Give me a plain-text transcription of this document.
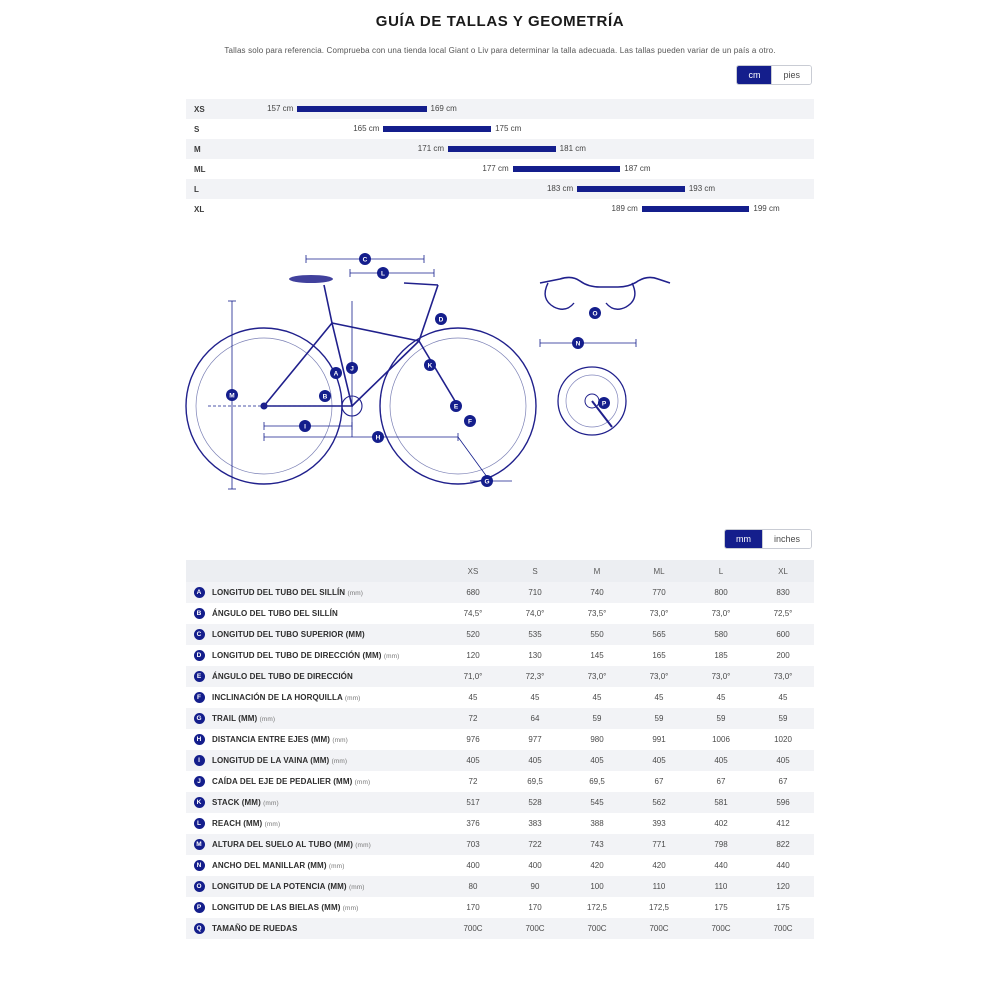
GUÍA DE TALLAS Y GEOMETRÍA
Tallas solo para referencia. Comprueba con una tienda local Giant o Liv para determinar la talla adecuada. Las tallas pueden variar de un país a otro.
cm	pies
XS	157 cm	169 cm
S	165 cm	175 cm
M	171 cm	181 cm
ML	177 cm	187 cm
L	183 cm	193 cm
XL	189 cm	199 cm
A
B
C
D
E
F
G
H
I
J	K
L
M
N
O
P
mm	inches
		XS	S	M	ML	L	XL
A	LONGITUD DEL TUBO DEL SILLÍN (mm)	680	710	740	770	800	830
B	ÁNGULO DEL TUBO DEL SILLÍN	74,5°	74,0°	73,5°	73,0°	73,0°	72,5°
C	LONGITUD DEL TUBO SUPERIOR (MM)	520	535	550	565	580	600
D	LONGITUD DEL TUBO DE DIRECCIÓN (MM) (mm)	120	130	145	165	185	200
E	ÁNGULO DEL TUBO DE DIRECCIÓN	71,0°	72,3°	73,0°	73,0°	73,0°	73,0°
F	INCLINACIÓN DE LA HORQUILLA (mm)	45	45	45	45	45	45
G	TRAIL (MM) (mm)	72	64	59	59	59	59
H	DISTANCIA ENTRE EJES (MM) (mm)	976	977	980	991	1006	1020
I	LONGITUD DE LA VAINA (MM) (mm)	405	405	405	405	405	405
J	CAÍDA DEL EJE DE PEDALIER (MM) (mm)	72	69,5	69,5	67	67	67
K	STACK (MM) (mm)	517	528	545	562	581	596
L	REACH (MM) (mm)	376	383	388	393	402	412
M	ALTURA DEL SUELO AL TUBO (MM) (mm)	703	722	743	771	798	822
N	ANCHO DEL MANILLAR (MM) (mm)	400	400	420	420	440	440
O	LONGITUD DE LA POTENCIA (MM) (mm)	80	90	100	110	110	120
P	LONGITUD DE LAS BIELAS (MM) (mm)	170	170	172,5	172,5	175	175
Q	TAMAÑO DE RUEDAS	700C	700C	700C	700C	700C	700C
